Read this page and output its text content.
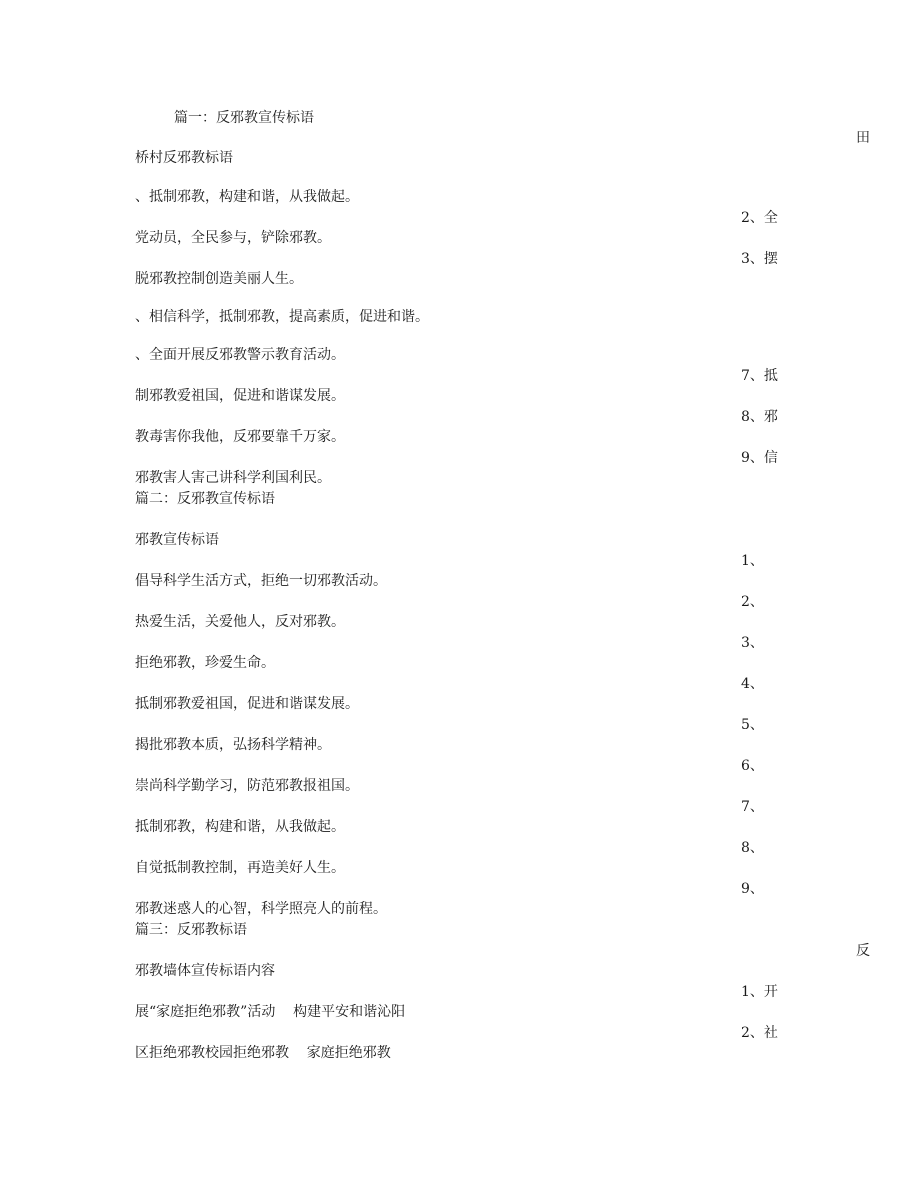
篇一：反邪教宣传标语
田
桥村反邪教标语
、抵制邪教，构建和谐，从我做起。
2、全
党动员，全民参与，铲除邪教。
3、摆
脱邪教控制创造美丽人生。
、相信科学，抵制邪教，提高素质，促进和谐。
、全面开展反邪教警示教育活动。
7、抵
制邪教爱祖国，促进和谐谋发展。
8、邪
教毒害你我他，反邪要靠千万家。
9、信
邪教害人害己讲科学利国利民。
篇二：反邪教宣传标语
邪教宣传标语
1、
倡导科学生活方式，拒绝一切邪教活动。
2、
热爱生活，关爱他人，反对邪教。
3、
拒绝邪教，珍爱生命。
4、
抵制邪教爱祖国，促进和谐谋发展。
5、
揭批邪教本质，弘扬科学精神。
6、
崇尚科学勤学习，防范邪教报祖国。
7、
抵制邪教，构建和谐，从我做起。
8、
自觉抵制教控制，再造美好人生。
9、
邪教迷惑人的心智，科学照亮人的前程。
篇三：反邪教标语
反
邪教墙体宣传标语内容
1、开
展“家庭拒绝邪教”活动    构建平安和谐沁阳
2、社
区拒绝邪教校园拒绝邪教    家庭拒绝邪教
